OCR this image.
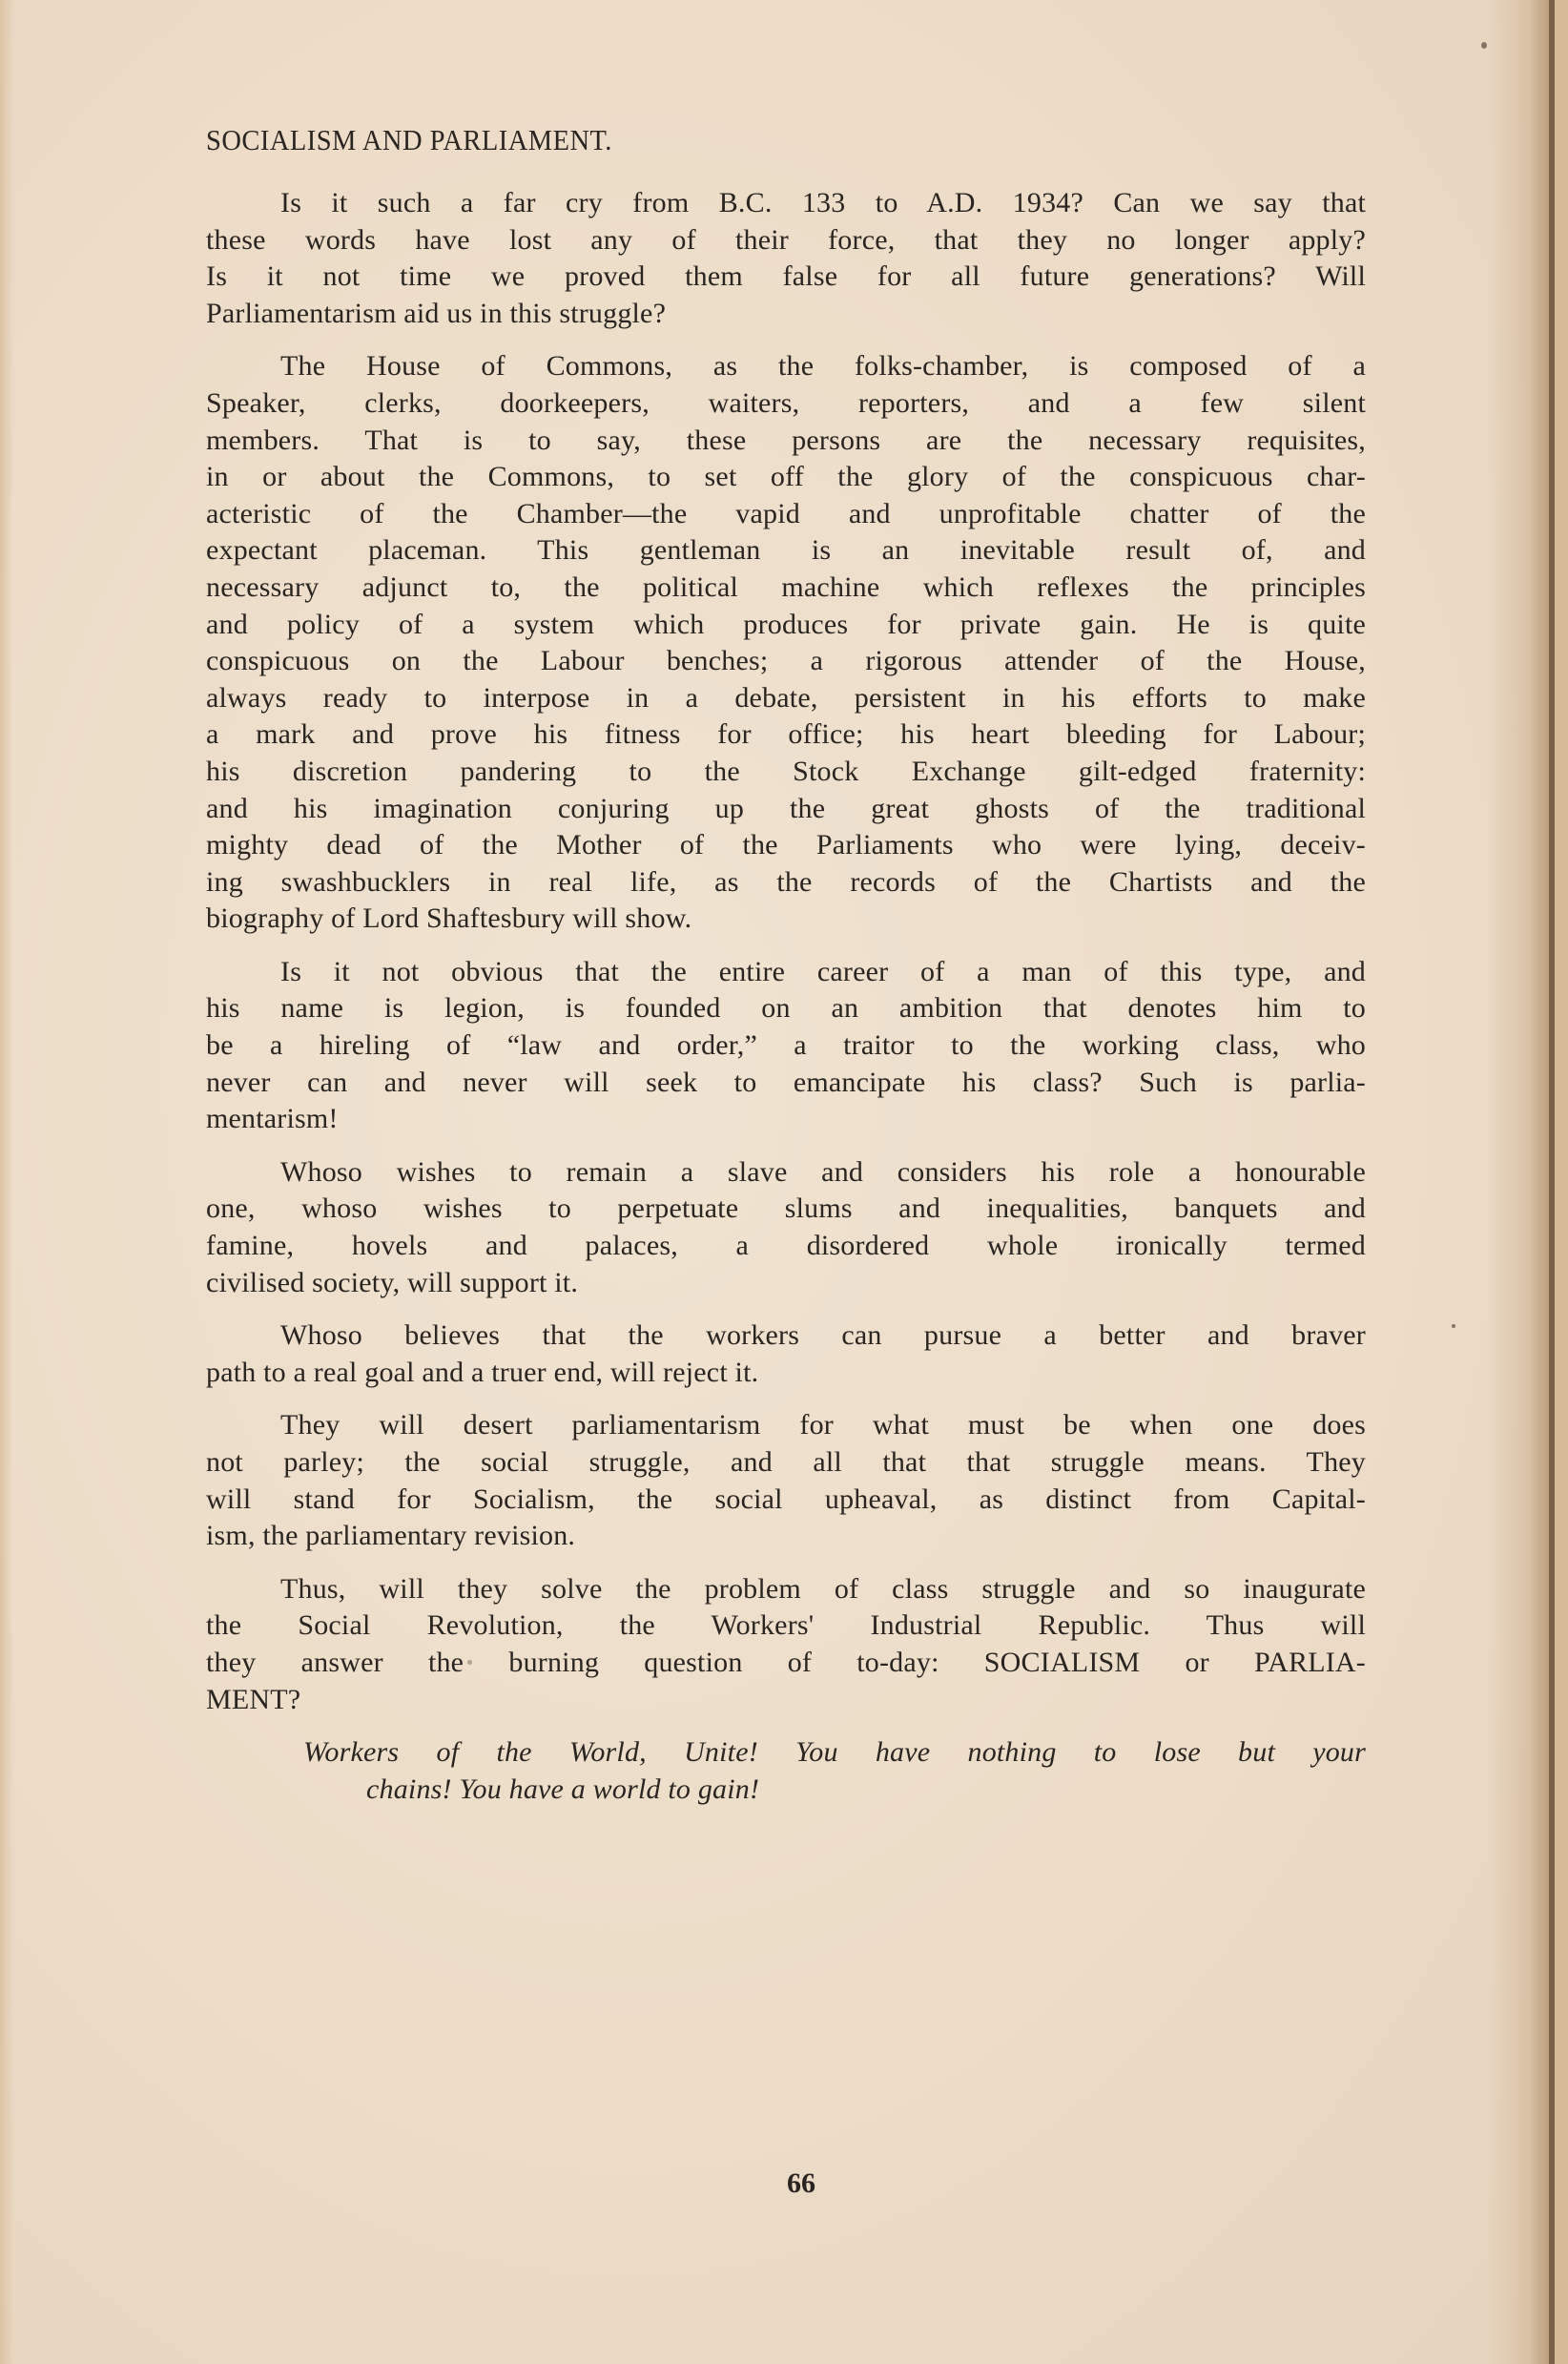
SOCIALISM AND PARLIAMENT.
Is it such a far cry from B.C. 133 to A.D. 1934? Can we say that
these words have lost any of their force, that they no longer apply?
Is it not time we proved them false for all future generations? Will
Parliamentarism aid us in this struggle?
The House of Commons, as the folks-chamber, is composed of a
Speaker, clerks, doorkeepers, waiters, reporters, and a few silent
members. That is to say, these persons are the necessary requisites,
in or about the Commons, to set off the glory of the conspicuous char-
acteristic of the Chamber—the vapid and unprofitable chatter of the
expectant placeman. This gentleman is an inevitable result of, and
necessary adjunct to, the political machine which reflexes the principles
and policy of a system which produces for private gain. He is quite
conspicuous on the Labour benches; a rigorous attender of the House,
always ready to interpose in a debate, persistent in his efforts to make
a mark and prove his fitness for office; his heart bleeding for Labour;
his discretion pandering to the Stock Exchange gilt-edged fraternity:
and his imagination conjuring up the great ghosts of the traditional
mighty dead of the Mother of the Parliaments who were lying, deceiv-
ing swashbucklers in real life, as the records of the Chartists and the
biography of Lord Shaftesbury will show.
Is it not obvious that the entire career of a man of this type, and
his name is legion, is founded on an ambition that denotes him to
be a hireling of “law and order,” a traitor to the working class, who
never can and never will seek to emancipate his class? Such is parlia-
mentarism!
Whoso wishes to remain a slave and considers his role a honourable
one, whoso wishes to perpetuate slums and inequalities, banquets and
famine, hovels and palaces, a disordered whole ironically termed
civilised society, will support it.
Whoso believes that the workers can pursue a better and braver
path to a real goal and a truer end, will reject it.
They will desert parliamentarism for what must be when one does
not parley; the social struggle, and all that that struggle means. They
will stand for Socialism, the social upheaval, as distinct from Capital-
ism, the parliamentary revision.
Thus, will they solve the problem of class struggle and so inaugurate
the Social Revolution, the Workers' Industrial Republic. Thus will
they answer the burning question of to-day: SOCIALISM or PARLIA-
MENT?
Workers of the World, Unite! You have nothing to lose but your
chains! You have a world to gain!
66
